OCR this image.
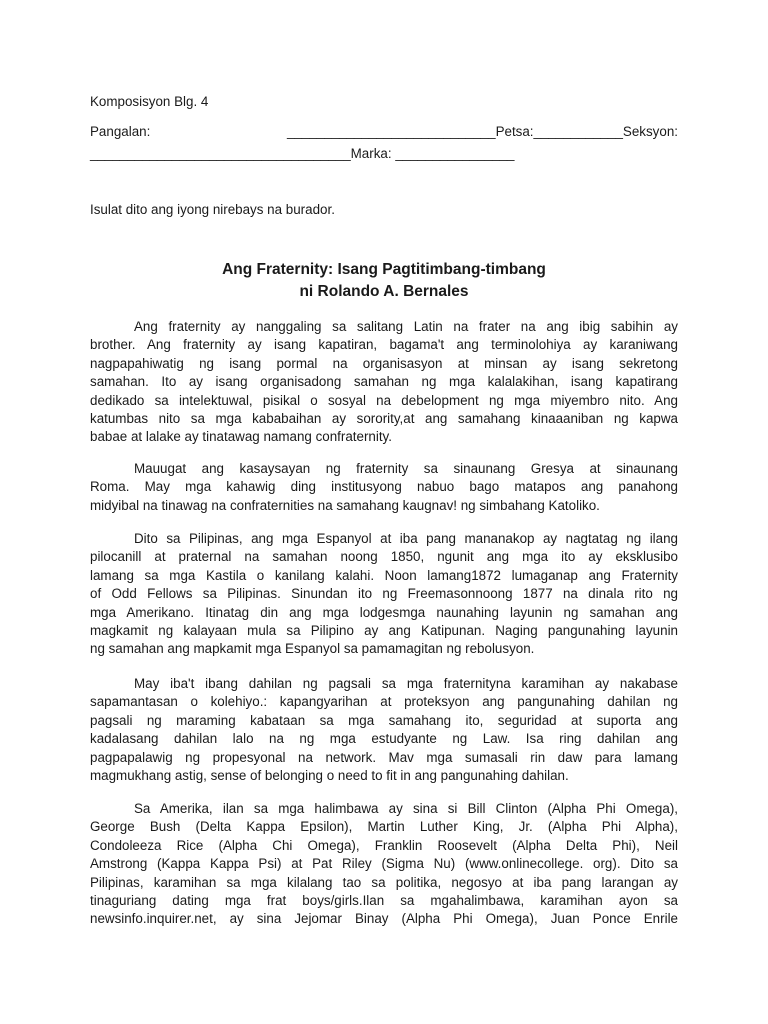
Komposisyon Blg. 4
Pangalan:	____________________________Petsa:____________Seksyon:
___________________________________Marka: ________________
Isulat dito ang iyong nirebays na burador.
Ang Fraternity: Isang Pagtitimbang-timbang
ni Rolando A. Bernales
Ang fraternity ay nanggaling sa salitang Latin na frater na ang ibig sabihin ay
brother. Ang fraternity ay isang kapatiran, bagama't ang terminolohiya ay karaniwang
nagpapahiwatig ng isang pormal na organisasyon at minsan ay isang sekretong
samahan. Ito ay isang organisadong samahan ng mga kalalakihan, isang kapatirang
dedikado sa intelektuwal, pisikal o sosyal na debelopment ng mga miyembro nito. Ang
katumbas nito sa mga kababaihan ay sorority,at ang samahang kinaaaniban ng kapwa
babae at lalake ay tinatawag namang confraternity.
Mauugat ang kasaysayan ng fraternity sa sinaunang Gresya at sinaunang
Roma. May mga kahawig ding institusyong nabuo bago matapos ang panahong
midyibal na tinawag na confraternities na samahang kaugnav! ng simbahang Katoliko.
Dito sa Pilipinas, ang mga Espanyol at iba pang mananakop ay nagtatag ng ilang
pilocanill at praternal na samahan noong 1850, ngunit ang mga ito ay eksklusibo
lamang sa mga Kastila o kanilang kalahi. Noon lamang1872 lumaganap ang Fraternity
of Odd Fellows sa Pilipinas. Sinundan ito ng Freemasonnoong 1877 na dinala rito ng
mga Amerikano. Itinatag din ang mga lodgesmga naunahing layunin ng samahan ang
magkamit ng kalayaan mula sa Pilipino ay ang Katipunan. Naging pangunahing layunin
ng samahan ang mapkamit mga Espanyol sa pamamagitan ng rebolusyon.
May iba't ibang dahilan ng pagsali sa mga fraternityna karamihan ay nakabase
sapamantasan o kolehiyo.: kapangyarihan at proteksyon ang pangunahing dahilan ng
pagsali ng maraming kabataan sa mga samahang ito, seguridad at suporta ang
kadalasang dahilan lalo na ng mga estudyante ng Law. Isa ring dahilan ang
pagpapalawig ng propesyonal na network. Mav mga sumasali rin daw para lamang
magmukhang astig, sense of belonging o need to fit in ang pangunahing dahilan.
Sa Amerika, ilan sa mga halimbawa ay sina si Bill Clinton (Alpha Phi Omega),
George Bush (Delta Kappa Epsilon), Martin Luther King, Jr. (Alpha Phi Alpha),
Condoleeza Rice (Alpha Chi Omega), Franklin Roosevelt (Alpha Delta Phi), Neil
Amstrong (Kappa Kappa Psi) at Pat Riley (Sigma Nu) (www.onlinecollege. org). Dito sa
Pilipinas, karamihan sa mga kilalang tao sa politika, negosyo at iba pang larangan ay
tinaguriang dating mga frat boys/girls.Ilan sa mgahalimbawa, karamihan ayon sa
newsinfo.inquirer.net, ay sina Jejomar Binay (Alpha Phi Omega), Juan Ponce Enrile
